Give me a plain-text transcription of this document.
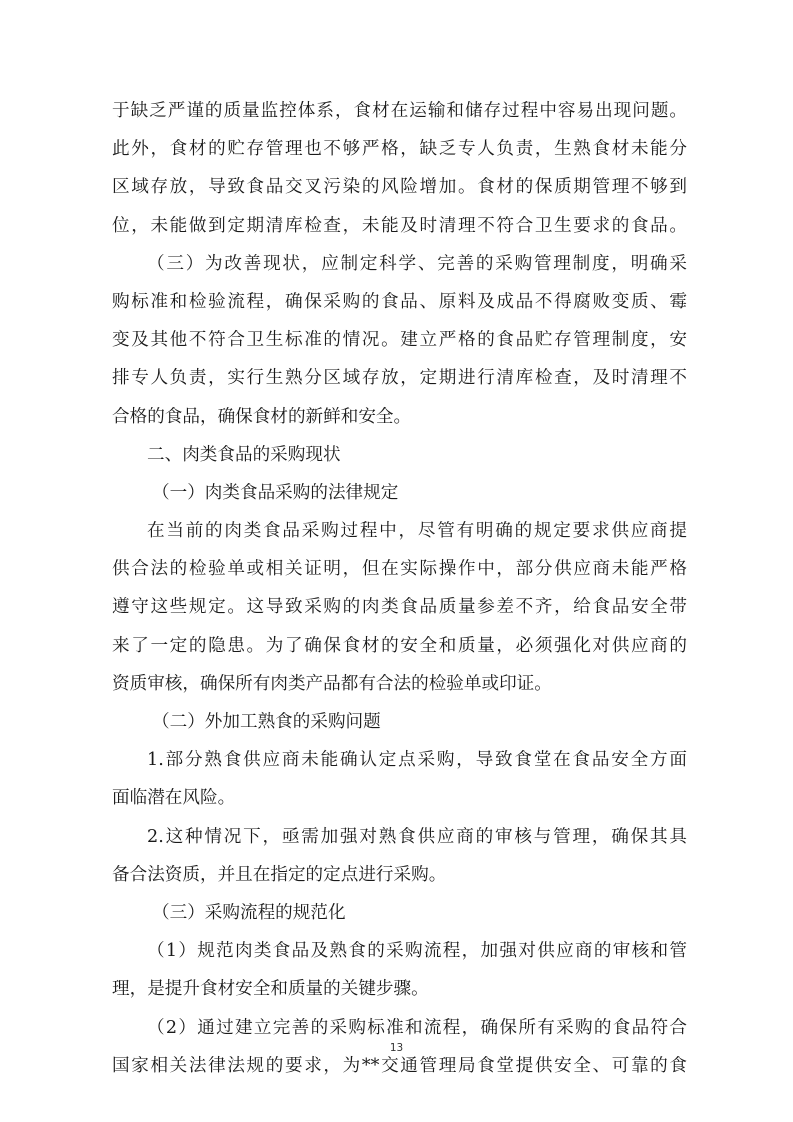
于缺乏严谨的质量监控体系，食材在运输和储存过程中容易出现问题。
此外，食材的贮存管理也不够严格，缺乏专人负责，生熟食材未能分
区域存放，导致食品交叉污染的风险增加。食材的保质期管理不够到
位，未能做到定期清库检查，未能及时清理不符合卫生要求的食品。
（三）为改善现状，应制定科学、完善的采购管理制度，明确采
购标准和检验流程，确保采购的食品、原料及成品不得腐败变质、霉
变及其他不符合卫生标准的情况。建立严格的食品贮存管理制度，安
排专人负责，实行生熟分区域存放，定期进行清库检查，及时清理不
合格的食品，确保食材的新鲜和安全。
二、肉类食品的采购现状
（一）肉类食品采购的法律规定
在当前的肉类食品采购过程中，尽管有明确的规定要求供应商提
供合法的检验单或相关证明，但在实际操作中，部分供应商未能严格
遵守这些规定。这导致采购的肉类食品质量参差不齐，给食品安全带
来了一定的隐患。为了确保食材的安全和质量，必须强化对供应商的
资质审核，确保所有肉类产品都有合法的检验单或印证。
（二）外加工熟食的采购问题
1.部分熟食供应商未能确认定点采购，导致食堂在食品安全方面
面临潜在风险。
2.这种情况下，亟需加强对熟食供应商的审核与管理，确保其具
备合法资质，并且在指定的定点进行采购。
（三）采购流程的规范化
（1）规范肉类食品及熟食的采购流程，加强对供应商的审核和管
理，是提升食材安全和质量的关键步骤。
（2）通过建立完善的采购标准和流程，确保所有采购的食品符合
国家相关法律法规的要求，为**交通管理局食堂提供安全、可靠的食
13
